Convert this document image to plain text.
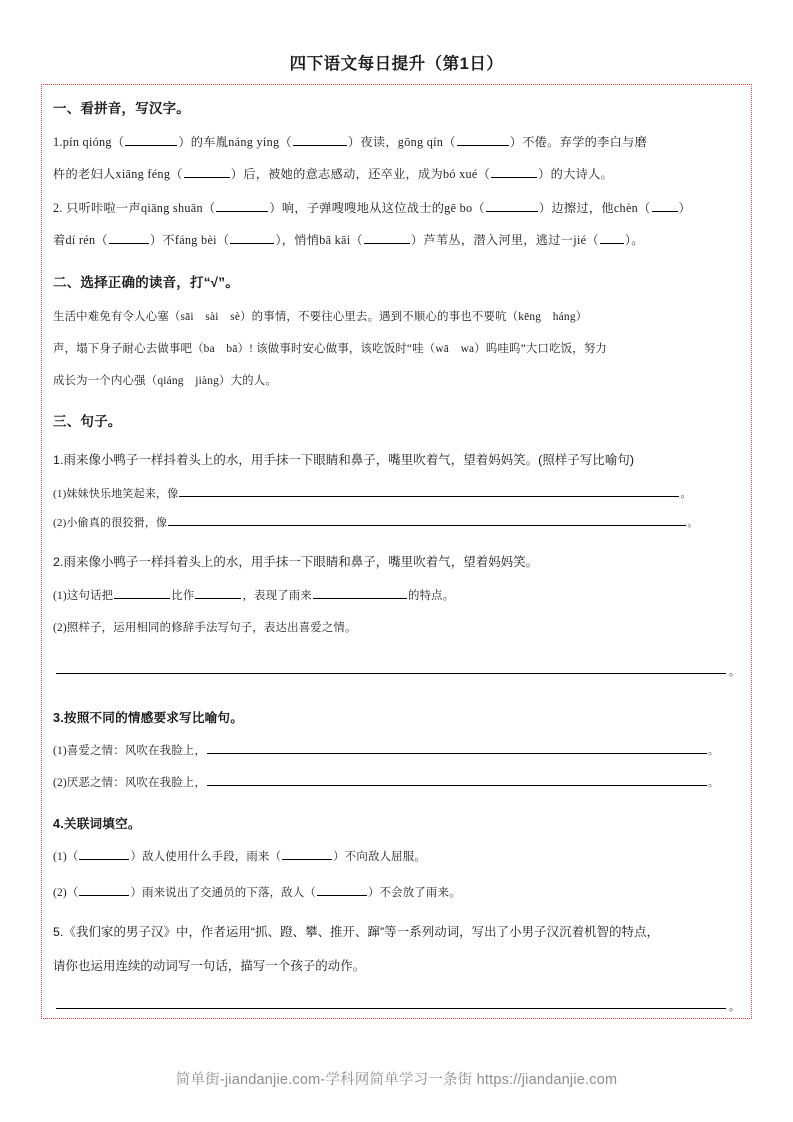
四下语文每日提升（第1日）
一、看拼音，写汉字。
1.pín qióng（	）的车胤náng yíng（	）夜读，gōng qín（	）不倦。弃学的李白与磨
杵的老妇人xiāng féng（	）后，被她的意志感动，还卒业，成为bó xué（	）的大诗人。
2. 只听咔啦一声qiāng shuān（	）响，子弹嗖嗖地从这位战士的gē bo（	）边擦过，他chèn（ ）
着dí rén（	）不fáng bèi（	），悄悄bā kāi（	）芦苇丛，潜入河里，逃过一jié（ ）。
二、选择正确的读音，打“√”。
生活中难免有令人心塞（sāi　sài　sè）的事情，不要往心里去。遇到不顺心的事也不要吭（kēng　háng）
声，塌下身子耐心去做事吧（ba　bā）! 该做事时安心做事，该吃饭时“哇（wā　wa）呜哇呜”大口吃饭，努力
成长为一个内心强（qiáng　jiàng）大的人。
三、句子。
1.雨来像小鸭子一样抖着头上的水，用手抹一下眼睛和鼻子，嘴里吹着气，望着妈妈笑。(照样子写比喻句)
(1)妹妹快乐地笑起来，像	。
(2)小偷真的很狡猾，像	。
2.雨来像小鸭子一样抖着头上的水，用手抹一下眼睛和鼻子，嘴里吹着气，望着妈妈笑。
(1)这句话把	比作	，表现了雨来	的特点。
(2)照样子，运用相同的修辞手法写句子，表达出喜爱之情。
。
3.按照不同的情感要求写比喻句。
(1)喜爱之情：风吹在我脸上，	。
(2)厌恶之情：风吹在我脸上，	。
4.关联词填空。
(1)（	）敌人使用什么手段，雨来（	）不向敌人屈服。
(2)（	）雨来说出了交通员的下落，敌人（	）不会放了雨来。
5.《我们家的男子汉》中，作者运用“抓、蹬、攀、推开、蹿”等一系列动词，写出了小男子汉沉着机智的特点，
请你也运用连续的动词写一句话，描写一个孩子的动作。
。
简单街-jiandanjie.com-学科网简单学习一条街 https://jiandanjie.com
